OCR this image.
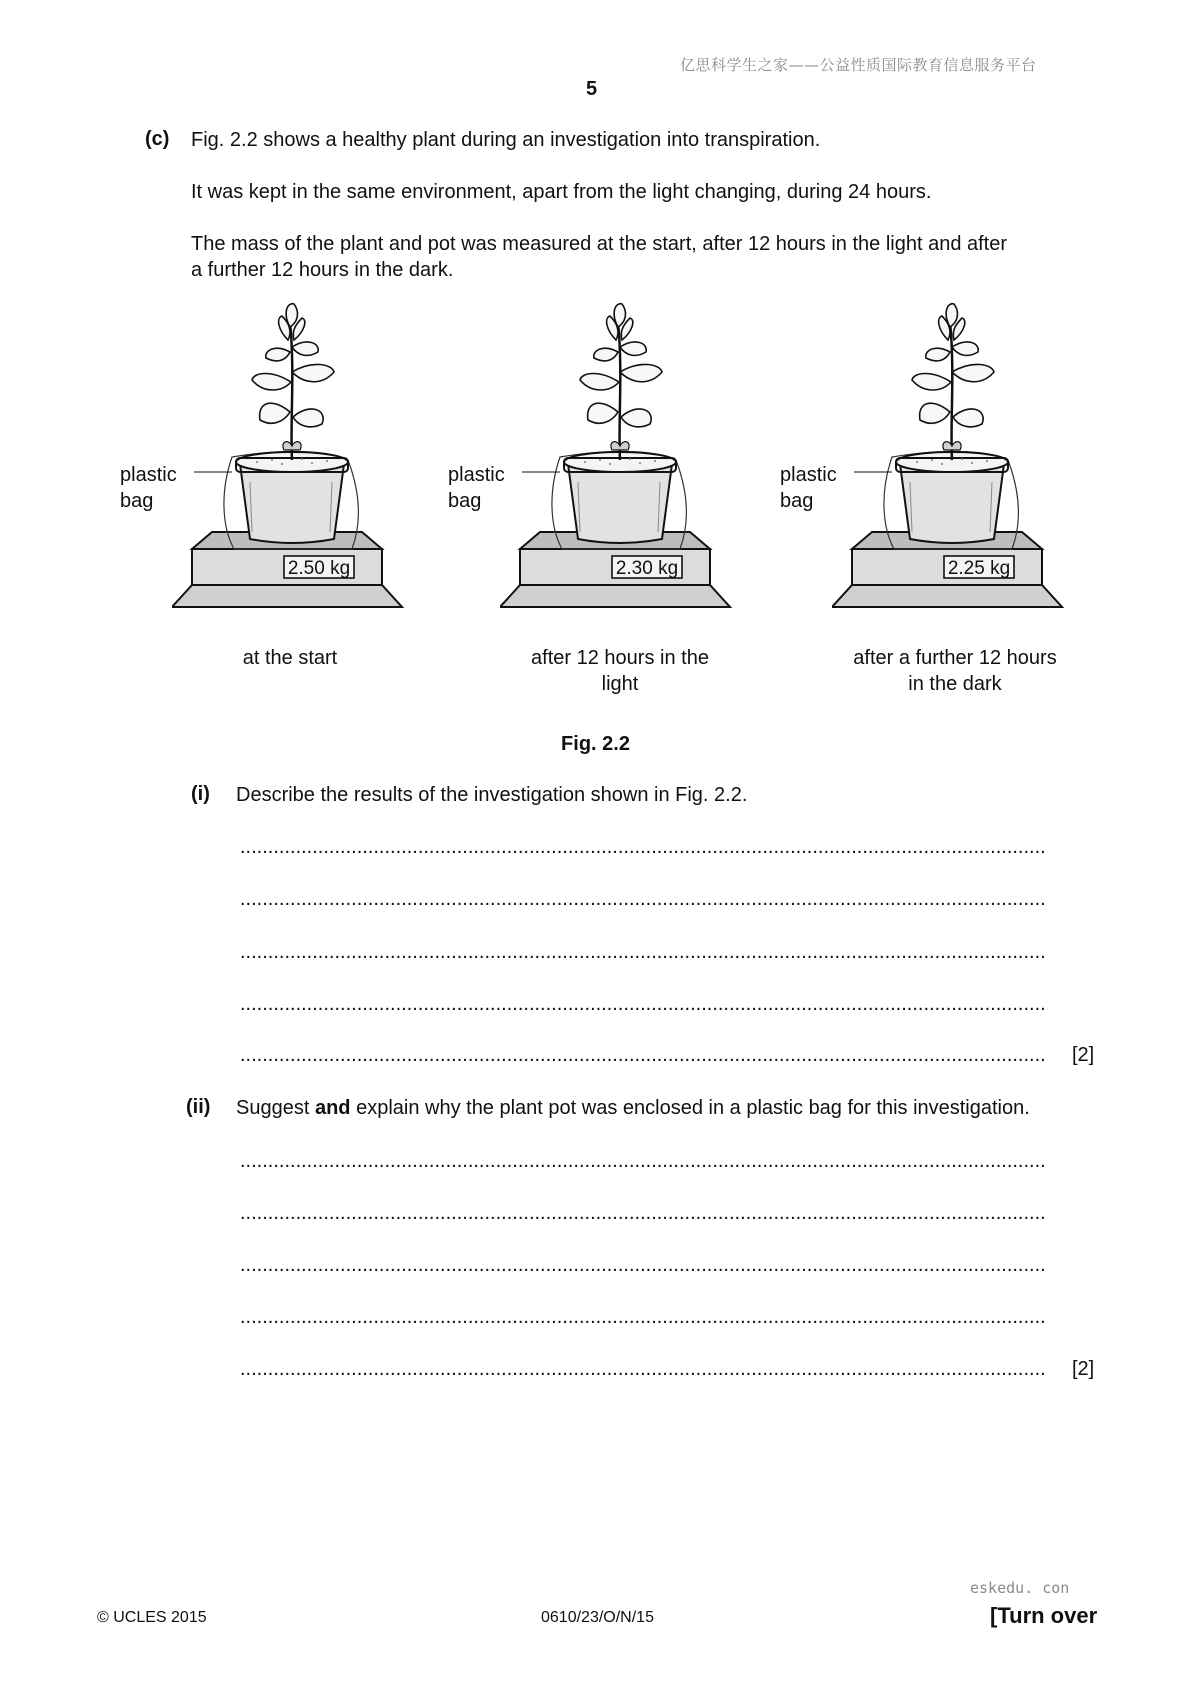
亿思科学生之家——公益性质国际教育信息服务平台
5
(c) Fig. 2.2 shows a healthy plant during an investigation into transpiration.
It was kept in the same environment, apart from the light changing, during 24 hours.
The mass of the plant and pot was measured at the start, after 12 hours in the light and after
a further 12 hours in the dark.
plastic
bag
2.50 kg
at the start
plastic
bag
2.30 kg
after 12 hours in the
light
plastic
bag
2.25 kg
after a further 12 hours
in the dark
Fig. 2.2
(i) Describe the results of the investigation shown in Fig. 2.2.
.................................................................................................................................................
.................................................................................................................................................
.................................................................................................................................................
.................................................................................................................................................
.................................................................................................................................................	[2]
(ii) Suggest and explain why the plant pot was enclosed in a plastic bag for this investigation.
.................................................................................................................................................
.................................................................................................................................................
.................................................................................................................................................
.................................................................................................................................................
.................................................................................................................................................	[2]
eskedu. con
© UCLES 2015	0610/23/O/N/15	[Turn over
